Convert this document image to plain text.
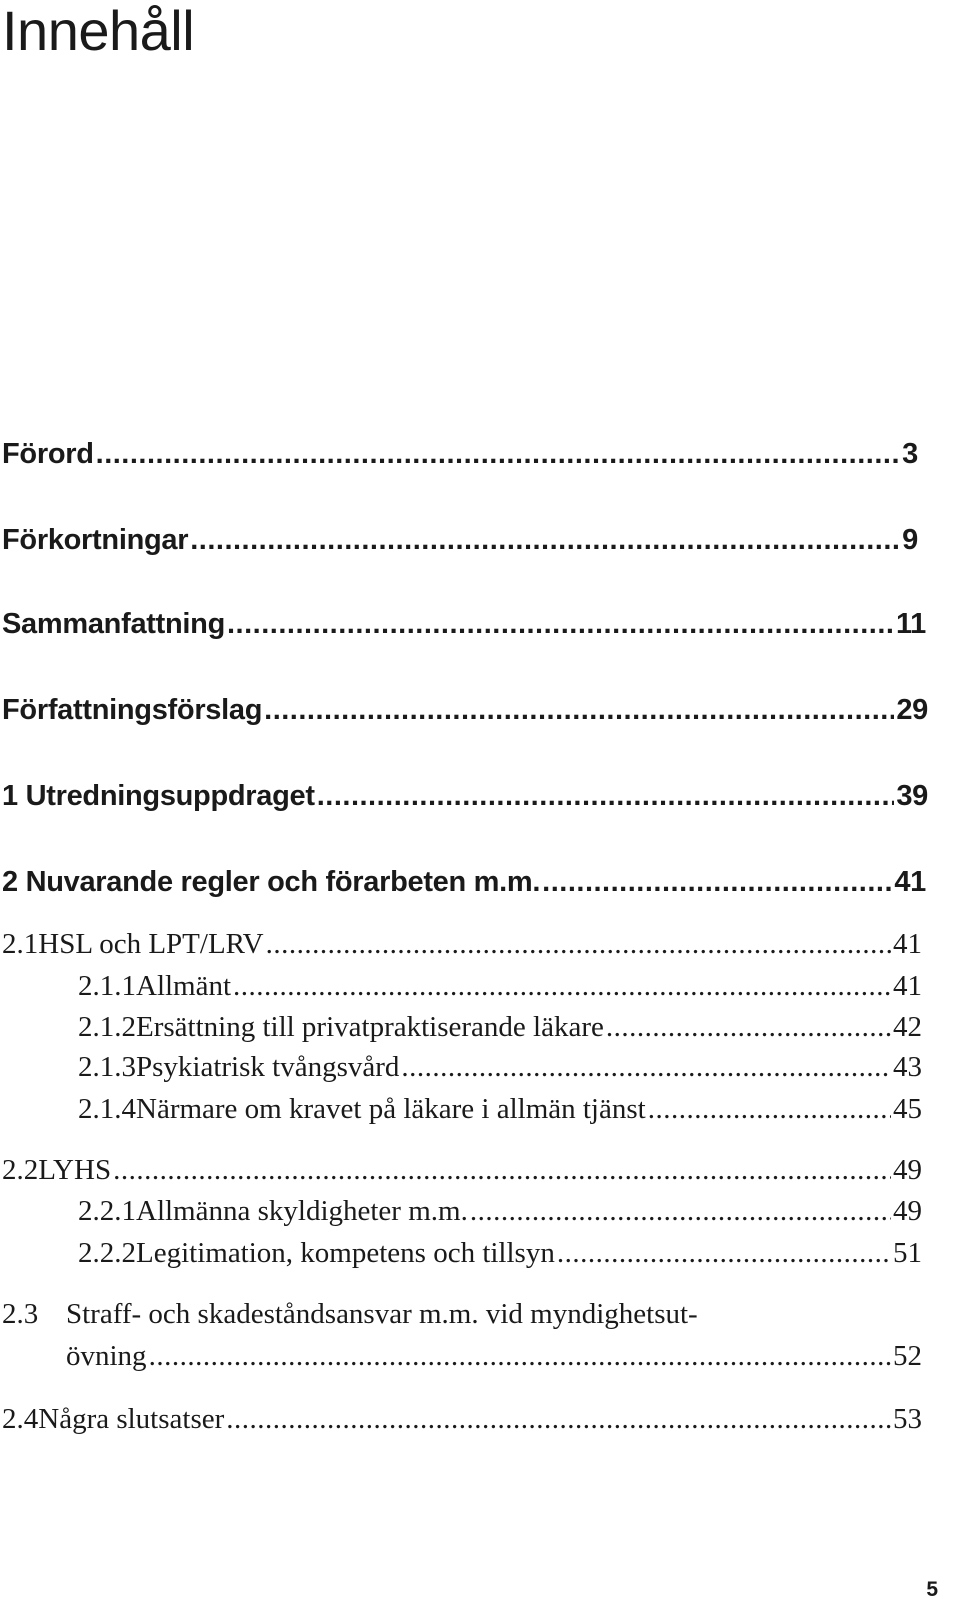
Innehåll
Förord .....	3
Förkortningar .....	9
Sammanfattning .....	11
Författningsförslag .....	29
1 Utredningsuppdraget .....	39
2 Nuvarande regler och förarbeten m.m. .....	41
2.1 HSL och LPT/LRV .....	41
2.1.1 Allmänt .....	41
2.1.2 Ersättning till privatpraktiserande läkare .....	42
2.1.3 Psykiatrisk tvångsvård .....	43
2.1.4 Närmare om kravet på läkare i allmän tjänst .....	45
2.2 LYHS .....	49
2.2.1 Allmänna skyldigheter m.m. .....	49
2.2.2 Legitimation, kompetens och tillsyn .....	51
2.3 Straff- och skadeståndsansvar m.m. vid myndighetsut-
övning .....	52
2.4 Några slutsatser .....	53
5
